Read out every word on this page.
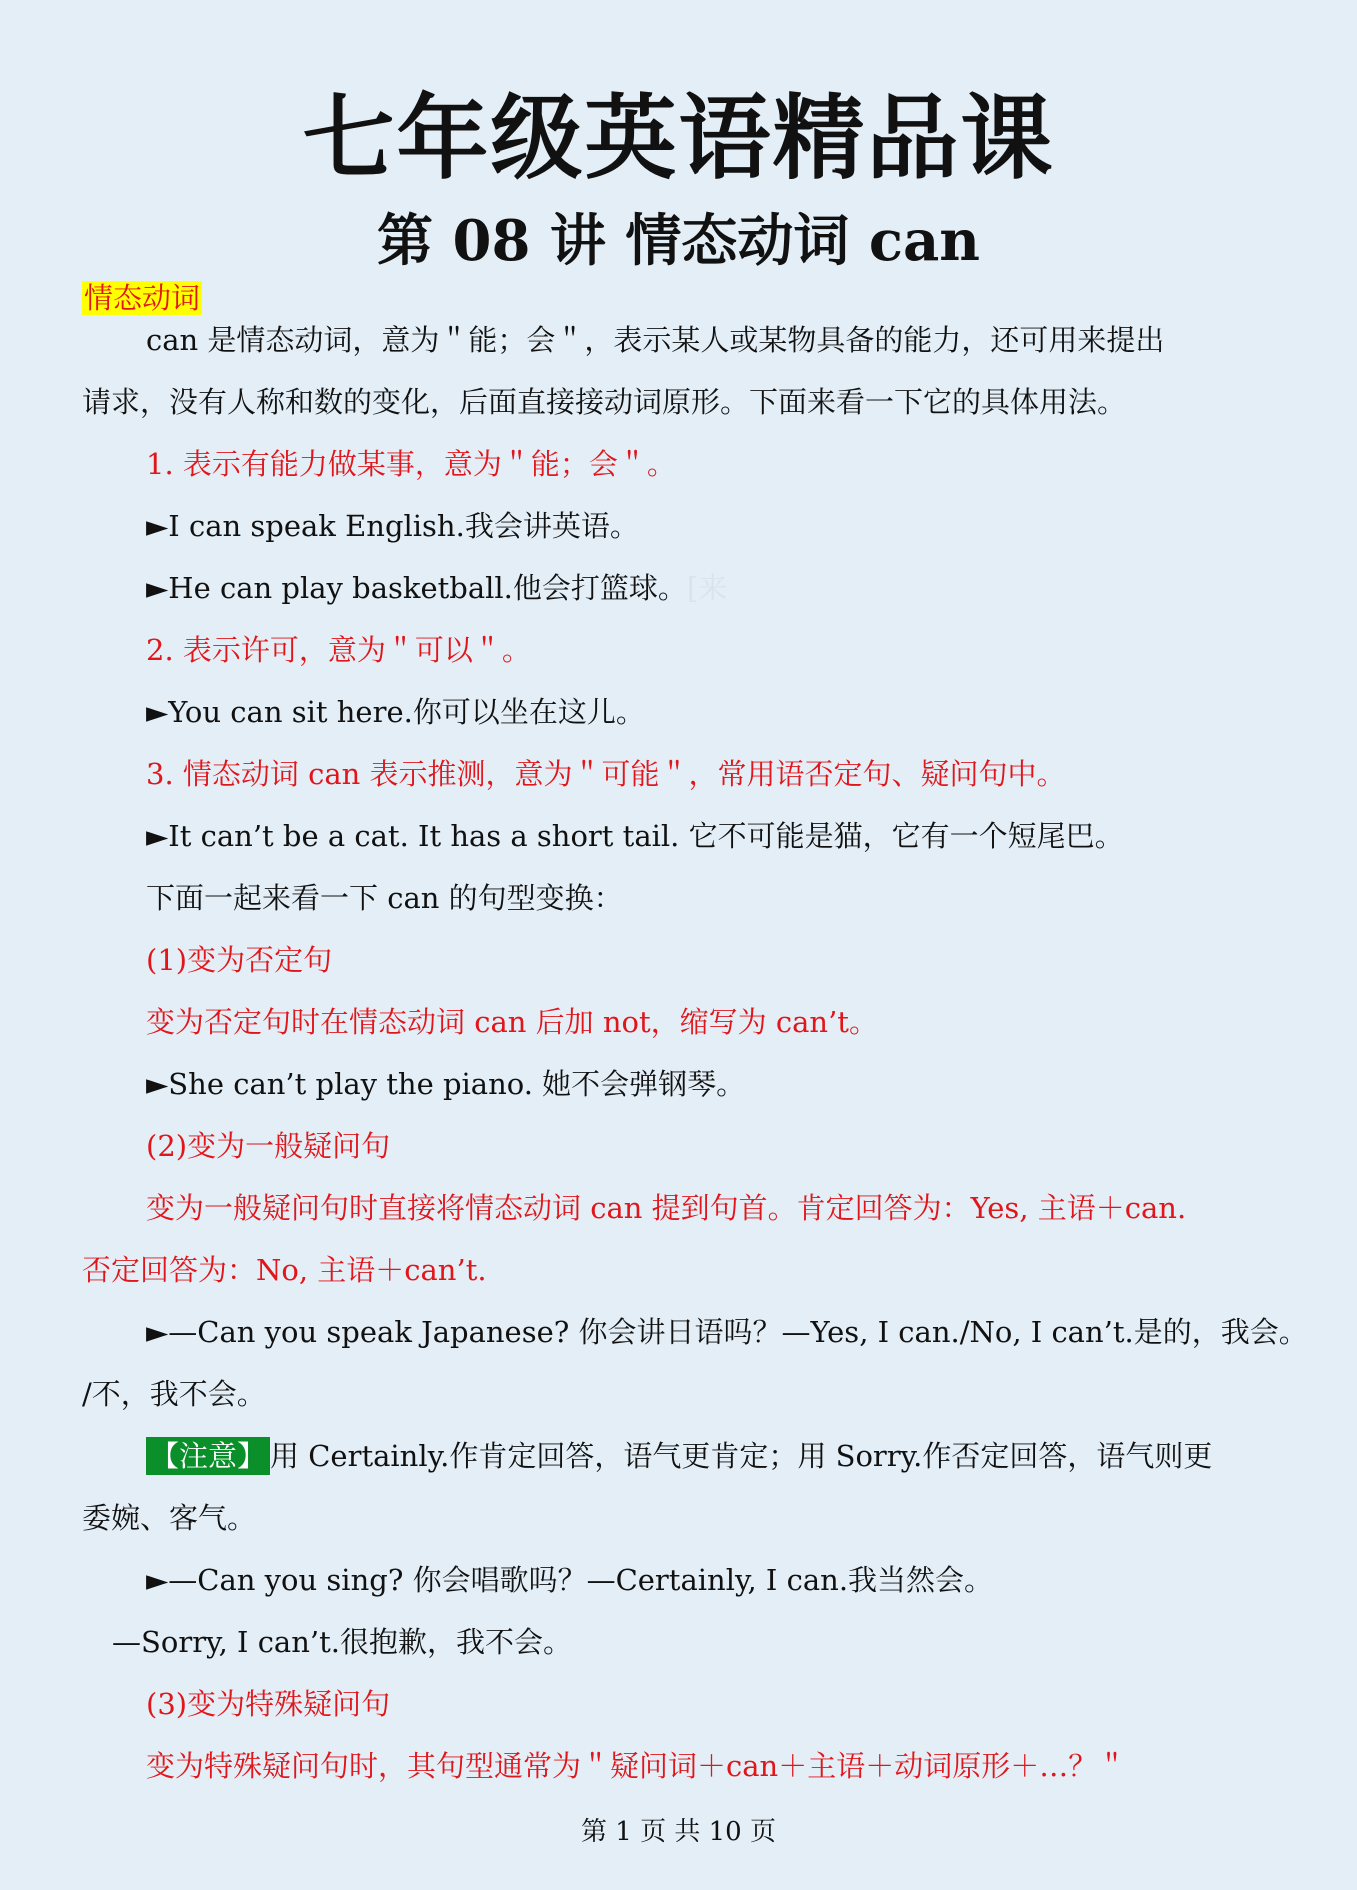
七年级英语精品课
第 08 讲 情态动词 can
情态动词
can 是情态动词，意为＂能；会＂，表示某人或某物具备的能力，还可用来提出
请求，没有人称和数的变化，后面直接接动词原形。下面来看一下它的具体用法。
1. 表示有能力做某事，意为＂能；会＂。
►I can speak English.我会讲英语。
►He can play basketball.他会打篮球。[来
2. 表示许可，意为＂可以＂。
►You can sit here.你可以坐在这儿。
3. 情态动词 can 表示推测，意为＂可能＂，常用语否定句、疑问句中。
►It can’t be a cat. It has a short tail. 它不可能是猫，它有一个短尾巴。
下面一起来看一下 can 的句型变换：
(1)变为否定句
变为否定句时在情态动词 can 后加 not，缩写为 can’t。
►She can’t play the piano. 她不会弹钢琴。
(2)变为一般疑问句
变为一般疑问句时直接将情态动词 can 提到句首。肯定回答为：Yes, 主语＋can.
否定回答为：No, 主语＋can’t.
►—Can you speak Japanese? 你会讲日语吗？—Yes, I can./No, I can’t.是的，我会。
/不，我不会。
【注意】 用 Certainly.作肯定回答，语气更肯定；用 Sorry.作否定回答，语气则更
委婉、客气。
►—Can you sing? 你会唱歌吗？—Certainly, I can.我当然会。
—Sorry, I can’t.很抱歉，我不会。
(3)变为特殊疑问句
变为特殊疑问句时，其句型通常为＂疑问词＋can＋主语＋动词原形＋…？＂
第 1 页 共 10 页
